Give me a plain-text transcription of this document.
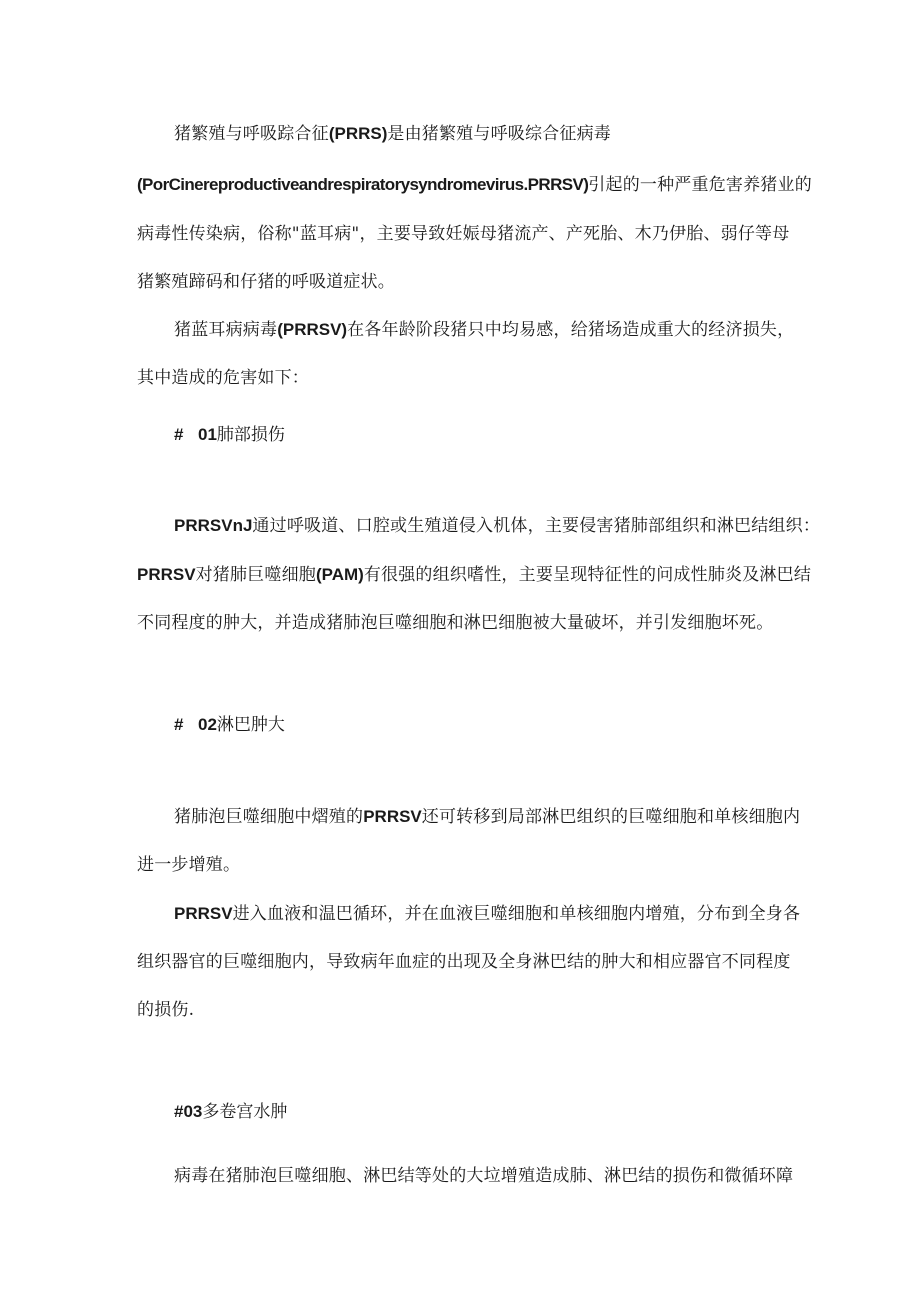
猪繁殖与呼吸踪合征(PRRS)是由猪繁殖与呼吸综合征病毒
(PorCinereproductiveandrespiratorysyndromevirus.PRRSV)引起的一种严重危害养猪业的
病毒性传染病，俗称"蓝耳病"，主要导致妊娠母猪流产、产死胎、木乃伊胎、弱仔等母
猪繁殖蹄码和仔猪的呼吸道症状。
猪蓝耳病病毒(PRRSV)在各年龄阶段猪只中均易感，给猪场造成重大的经济损失，
其中造成的危害如下：
# 01肺部损伤
PRRSVnJ通过呼吸道、口腔或生殖道侵入机体，主要侵害猪肺部组织和淋巴结组织：
PRRSV对猪肺巨噬细胞(PAM)有很强的组织嗜性，主要呈现特征性的问成性肺炎及淋巴结
不同程度的肿大，并造成猪肺泡巨噬细胞和淋巴细胞被大量破坏，并引发细胞坏死。
# 02淋巴肿大
猪肺泡巨噬细胞中熠殖的PRRSV还可转移到局部淋巴组织的巨噬细胞和单核细胞内
进一步增殖。
PRRSV进入血液和温巴循环，并在血液巨噬细胞和单核细胞内增殖，分布到全身各
组织器官的巨噬细胞内，导致病年血症的出现及全身淋巴结的肿大和相应器官不同程度
的损伤.
#03多卷宫水肿
病毒在猪肺泡巨噬细胞、淋巴结等处的大垃增殖造成肺、淋巴结的损伤和微循环障
